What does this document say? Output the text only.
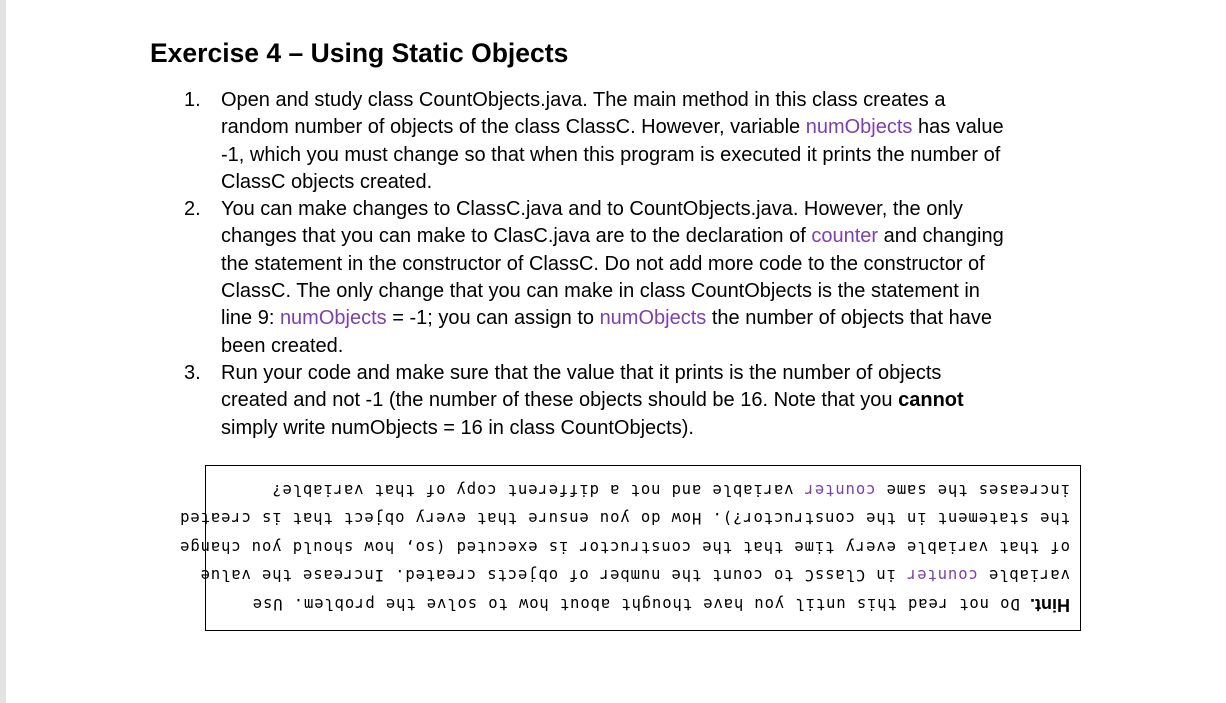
Exercise 4 – Using Static Objects
1. Open and study class CountObjects.java. The main method in this class creates a
random number of objects of the class ClassC. However, variable numObjects has value
-1, which you must change so that when this program is executed it prints the number of
ClassC objects created.
2. You can make changes to ClassC.java and to CountObjects.java. However, the only
changes that you can make to ClasC.java are to the declaration of counter and changing
the statement in the constructor of ClassC. Do not add more code to the constructor of
ClassC. The only change that you can make in class CountObjects is the statement in
line 9: numObjects = -1; you can assign to numObjects the number of objects that have
been created.
3. Run your code and make sure that the value that it prints is the number of objects
created and not -1 (the number of these objects should be 16. Note that you cannot
simply write numObjects = 16 in class CountObjects).

Hint. Do not read this until you have thought about how to solve the problem. Use
variable counter in ClassC to count the number of objects created. Increase the value
of that variable every time that the constructor is executed (so, how should you change
the statement in the constructor?). How do you ensure that every object that is created
increases the same counter variable and not a different copy of that variable?
